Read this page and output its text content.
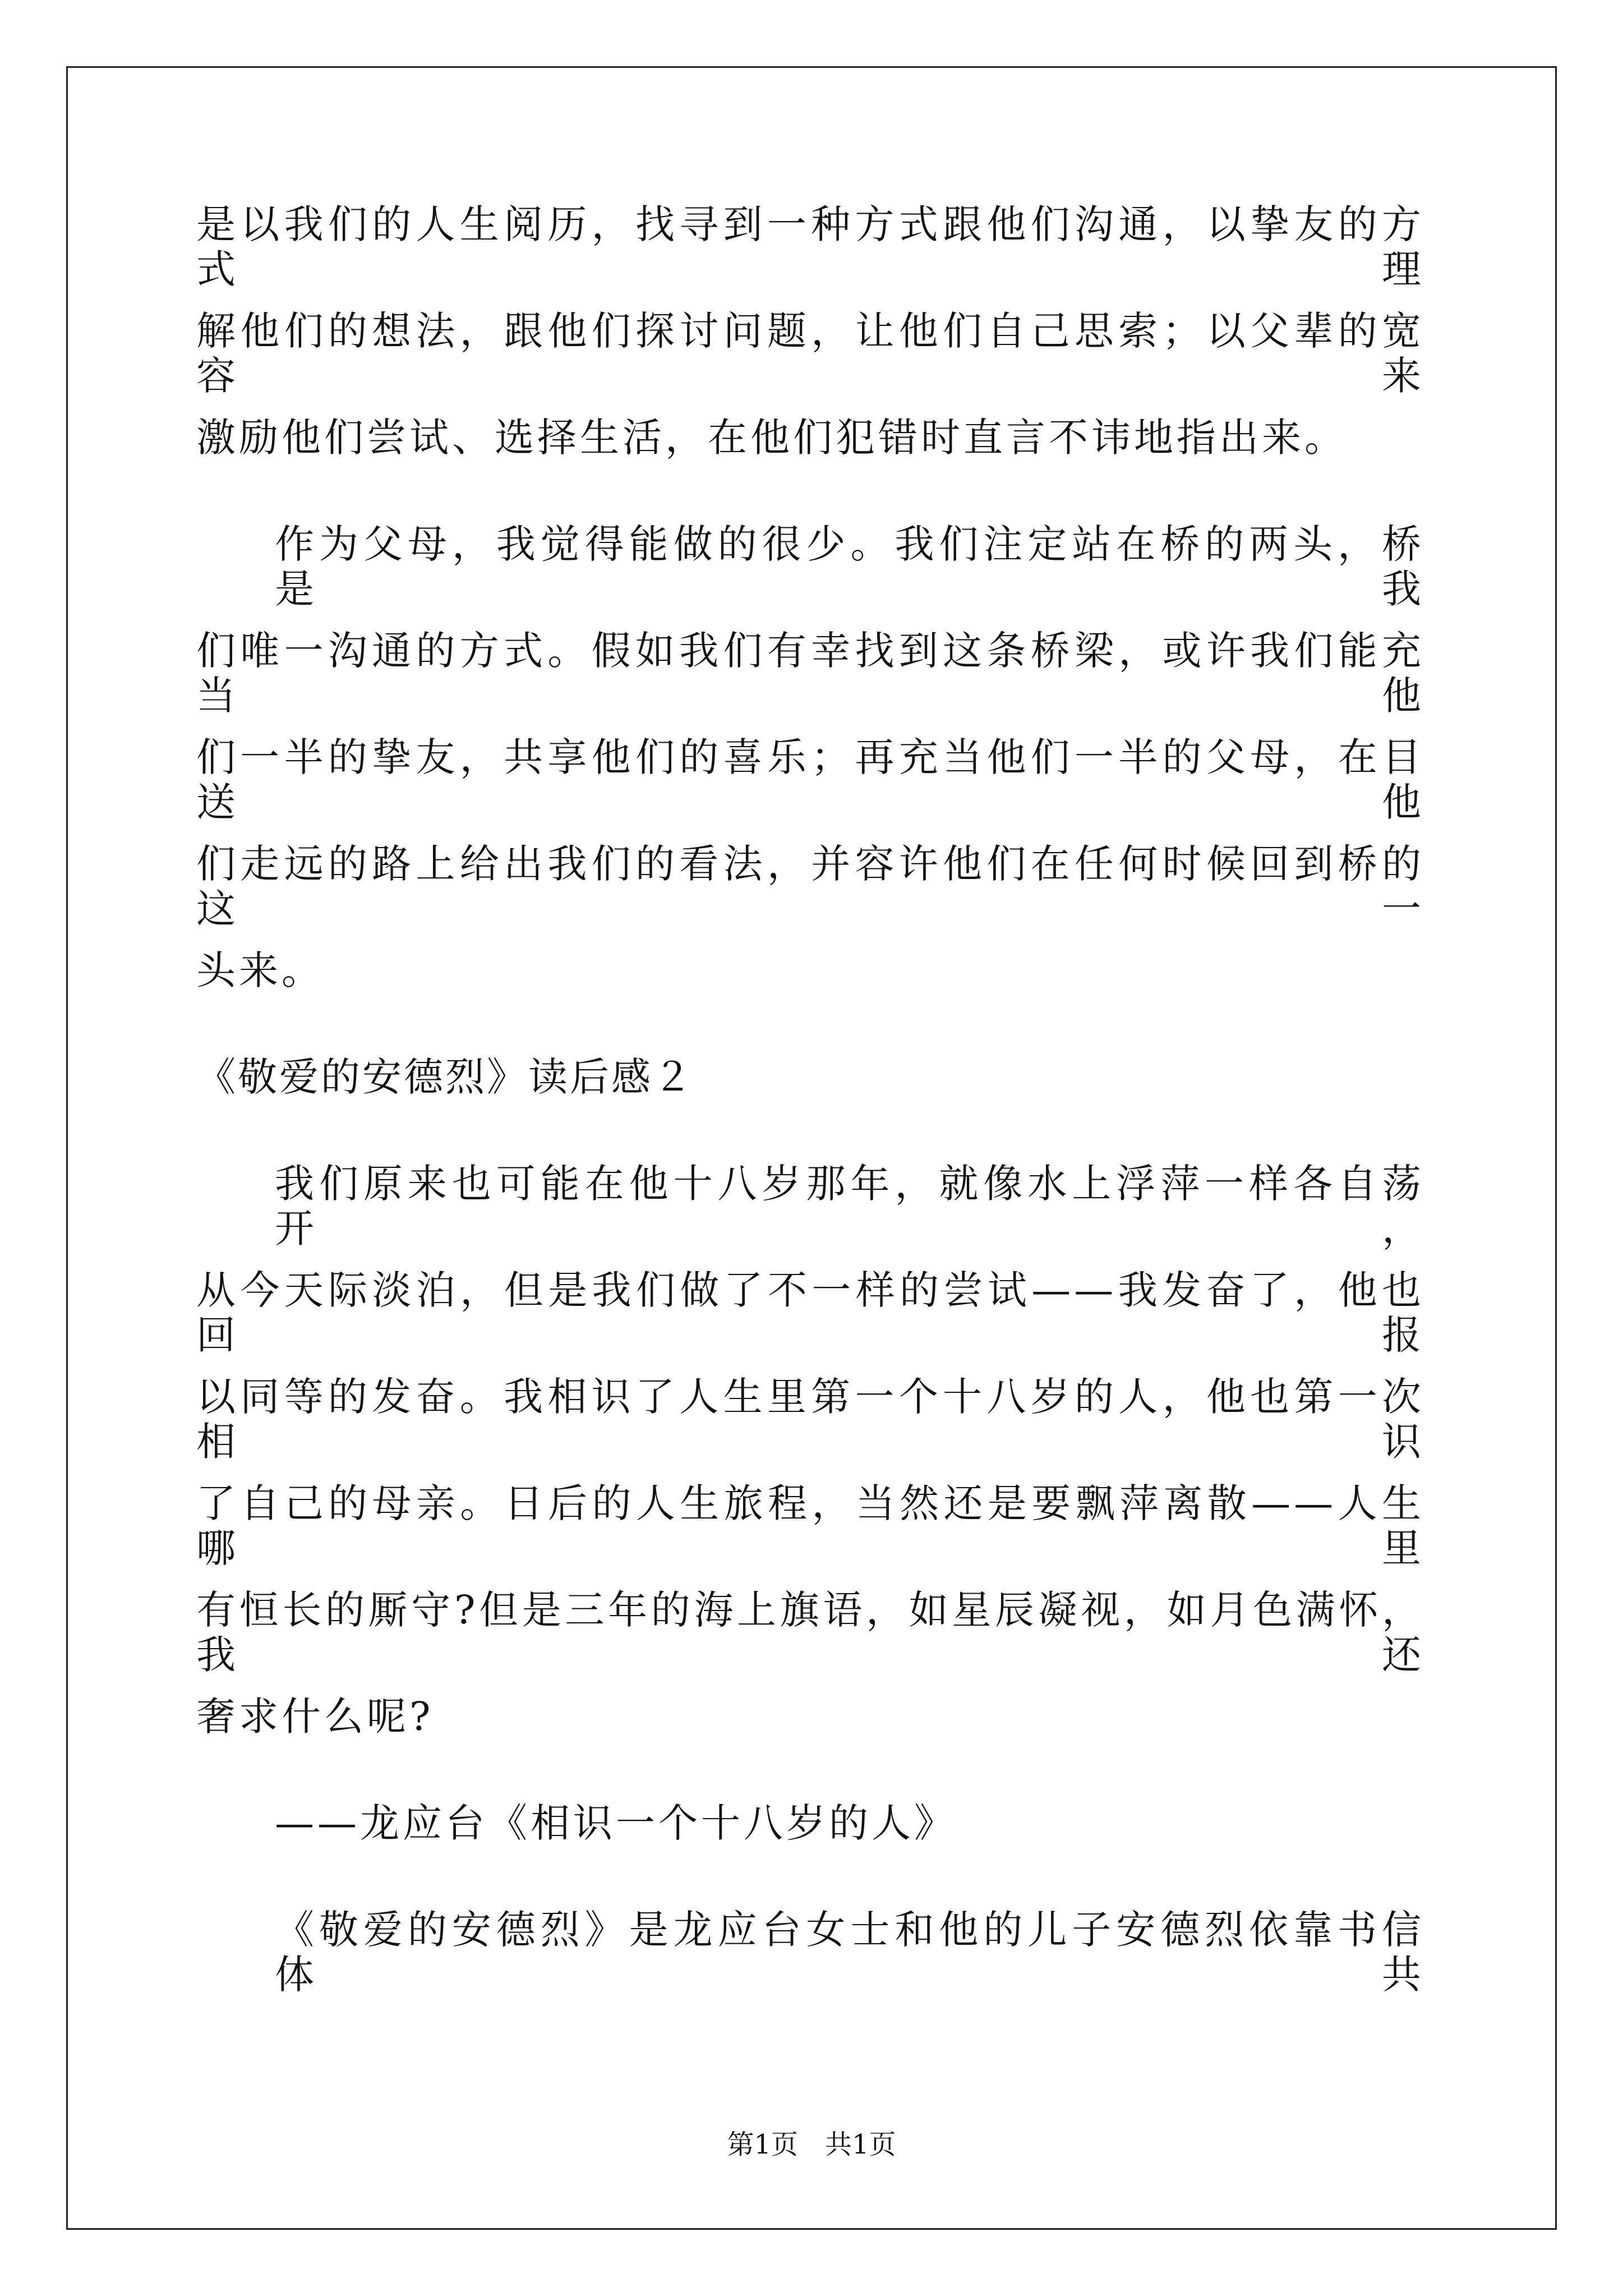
是以我们的人生阅历，找寻到一种方式跟他们沟通，以挚友的方式理
解他们的想法，跟他们探讨问题，让他们自己思索；以父辈的宽容来
激励他们尝试、选择生活，在他们犯错时直言不讳地指出来。
作为父母，我觉得能做的很少。我们注定站在桥的两头，桥是我
们唯一沟通的方式。假如我们有幸找到这条桥梁，或许我们能充当他
们一半的挚友，共享他们的喜乐；再充当他们一半的父母，在目送他
们走远的路上给出我们的看法，并容许他们在任何时候回到桥的这一
头来。
《敬爱的安德烈》读后感２
我们原来也可能在他十八岁那年，就像水上浮萍一样各自荡开，
从今天际淡泊，但是我们做了不一样的尝试——我发奋了，他也回报
以同等的发奋。我相识了人生里第一个十八岁的人，他也第一次相识
了自己的母亲。日后的人生旅程，当然还是要飘萍离散——人生哪里
有恒长的厮守?但是三年的海上旗语，如星辰凝视，如月色满怀，我还
奢求什么呢?
——龙应台《相识一个十八岁的人》
《敬爱的安德烈》是龙应台女士和他的儿子安德烈依靠书信体共
第1页　共1页
